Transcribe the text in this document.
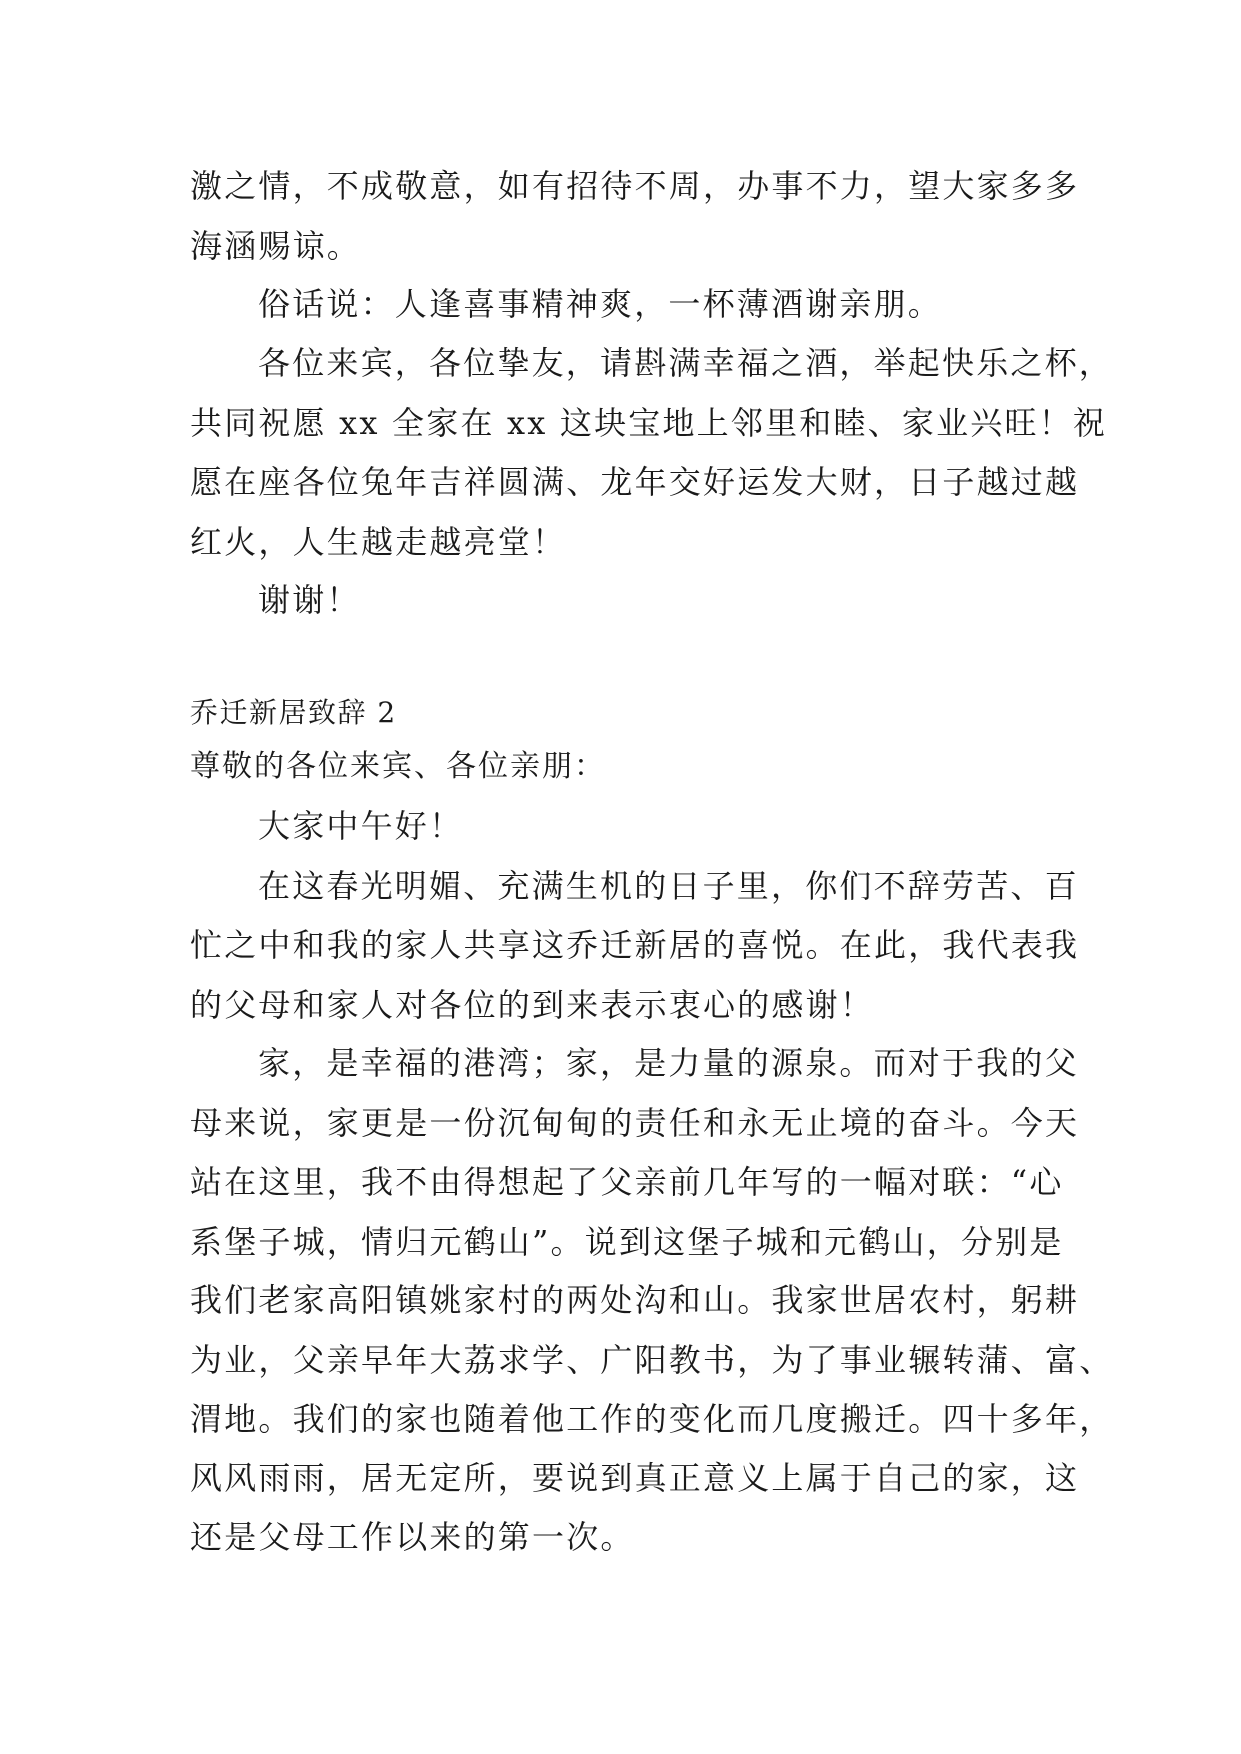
激之情，不成敬意，如有招待不周，办事不力，望大家多多
海涵赐谅。
俗话说：人逢喜事精神爽，一杯薄酒谢亲朋。
各位来宾，各位挚友，请斟满幸福之酒，举起快乐之杯，
共同祝愿 xx 全家在 xx 这块宝地上邻里和睦、家业兴旺！祝
愿在座各位兔年吉祥圆满、龙年交好运发大财，日子越过越
红火，人生越走越亮堂！
谢谢！
乔迁新居致辞 2
尊敬的各位来宾、各位亲朋：
大家中午好！
在这春光明媚、充满生机的日子里，你们不辞劳苦、百
忙之中和我的家人共享这乔迁新居的喜悦。在此，我代表我
的父母和家人对各位的到来表示衷心的感谢！
家，是幸福的港湾；家，是力量的源泉。而对于我的父
母来说，家更是一份沉甸甸的责任和永无止境的奋斗。今天
站在这里，我不由得想起了父亲前几年写的一幅对联：“心
系堡子城，情归元鹤山”。说到这堡子城和元鹤山，分别是
我们老家高阳镇姚家村的两处沟和山。我家世居农村，躬耕
为业，父亲早年大荔求学、广阳教书，为了事业辗转蒲、富、
渭地。我们的家也随着他工作的变化而几度搬迁。四十多年，
风风雨雨，居无定所，要说到真正意义上属于自己的家，这
还是父母工作以来的第一次。
